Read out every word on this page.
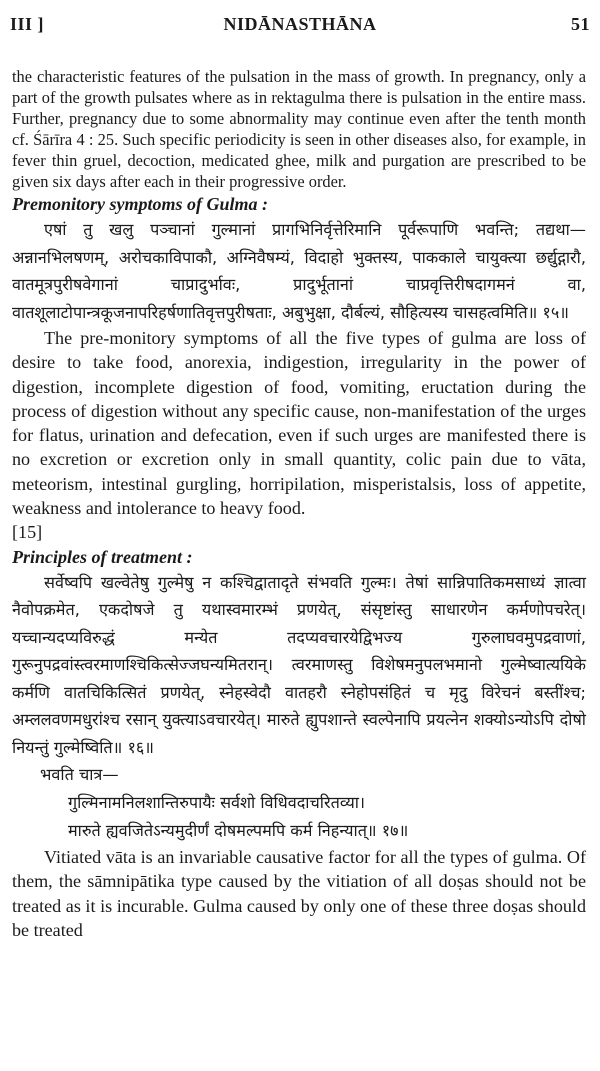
III ]	NIDĀNASTHĀNA	51

the characteristic features of the pulsation in the mass of growth. In pregnancy, only a part of the growth pulsates where as in rektagulma there is pulsation in the entire mass. Further, pregnancy due to some abnormality may continue even after the tenth month cf. Śārīra 4 : 25. Such specific periodicity is seen in other diseases also, for example, in fever thin gruel, decoction, medicated ghee, milk and purgation are prescribed to be given six days after each in their progressive order.

Premonitory symptoms of Gulma :

एषां तु खलु पञ्चानां गुल्मानां प्रागभिनिर्वृत्तेरिमानि पूर्वरूपाणि भवन्ति; तद्यथा—अन्नानभिलषणम्, अरोचकाविपाकौ, अग्निवैषम्यं, विदाहो भुक्तस्य, पाककाले चायुक्त्या छर्द्युद्गारौ, वातमूत्रपुरीषवेगानां चाप्रादुर्भावः, प्रादुर्भूतानां चाप्रवृत्तिरीषदागमनं वा, वातशूलाटोपान्त्रकूजनापरिहर्षणातिवृत्तपुरीषताः, अबुभुक्षा, दौर्बल्यं, सौहित्यस्य चासहत्वमिति॥ १५॥

The pre-monitory symptoms of all the five types of gulma are loss of desire to take food, anorexia, indigestion, irregularity in the power of digestion, incomplete digestion of food, vomiting, eructation during the process of digestion without any specific cause, non-manifestation of the urges for flatus, urination and defecation, even if such urges are manifested there is no excretion or excretion only in small quantity, colic pain due to vāta, meteorism, intestinal gurgling, horripilation, misperistalsis, loss of appetite, weakness and intolerance to heavy food.

[15]

Principles of treatment :

सर्वेष्वपि खल्वेतेषु गुल्मेषु न कश्चिद्वातादृते संभवति गुल्मः। तेषां सान्निपातिकमसाध्यं ज्ञात्वा नैवोपक्रमेत, एकदोषजे तु यथास्वमारम्भं प्रणयेत्, संसृष्टांस्तु साधारणेन कर्मणोपचरेत्। यच्चान्यदप्यविरुद्धं मन्येत तदप्यवचारयेद्विभज्य गुरुलाघवमुपद्रवाणां, गुरूनुपद्रवांस्त्वरमाणश्चिकित्सेज्जघन्यमितरान्। त्वरमाणस्तु विशेषमनुपलभमानो गुल्मेष्वात्ययिके कर्मणि वातचिकित्सितं प्रणयेत्, स्नेहस्वेदौ वातहरौ स्नेहोपसंहितं च मृदु विरेचनं बस्तींश्च; अम्ललवणमधुरांश्च रसान् युक्त्याऽवचारयेत्। मारुते ह्युपशान्ते स्वल्पेनापि प्रयत्नेन शक्योऽन्योऽपि दोषो नियन्तुं गुल्मेष्विति॥ १६॥

भवति चात्र—

गुल्मिनामनिलशान्तिरुपायैः सर्वशो विधिवदाचरितव्या।

मारुते ह्यवजितेऽन्यमुदीर्णं दोषमल्पमपि कर्म निहन्यात्॥ १७॥

Vitiated vāta is an invariable causative factor for all the types of gulma. Of them, the sāmnipātika type caused by the vitiation of all doṣas should not be treated as it is incurable. Gulma caused by only one of these three doṣas should be treated
